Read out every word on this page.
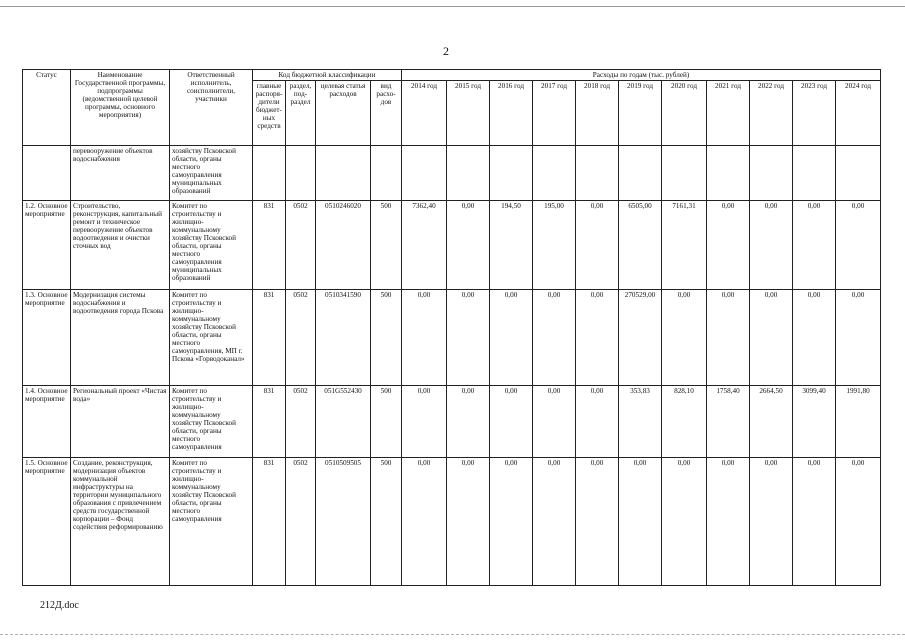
2
Статус	Наименование Государственной программы, подпрограммы (ведомственной целевой программы, основного мероприятия)	Ответственный исполнитель, соисполнители, участники	Код бюджетной классификации				Расходы по годам (тыс. рублей)										
			главные распоря-дители бюджет-ных средств	раздел, под-раздел	целевая статья расходов	вид расхо-дов	2014 год	2015 год	2016 год	2017 год	2018 год	2019 год	2020 год	2021 год	2022 год	2023 год	2024 год
	перевооружение объектов водоснабжения	хозяйству Псковской области, органы местного самоуправления муниципальных образований															
1.2. Основное мероприятие	Строительство, реконструкция, капитальный ремонт и техническое перевооружение объектов водоотведения и очистки сточных вод	Комитет по строительству и жилищно-коммунальному хозяйству Псковской области, органы местного самоуправления муниципальных образований	831	0502	0510246020	500	7362,40	0,00	194,50	195,00	0,00	6505,00	7161,31	0,00	0,00	0,00	0,00
1.3. Основное мероприятие	Модернизация системы водоснабжения и водоотведения города Пскова	Комитет по строительству и жилищно-коммунальному хозяйству Псковской области, органы местного самоуправления, МП г. Пскова «Горводоканал»	831	0502	0510341590	500	0,00	0,00	0,00	0,00	0,00	270529,00	0,00	0,00	0,00	0,00	0,00
1.4. Основное мероприятие	Региональный проект «Чистая вода»	Комитет по строительству и жилищно-коммунальному хозяйству Псковской области, органы местного самоуправления	831	0502	051G552430	500	0,00	0,00	0,00	0,00	0,00	353,83	828,10	1758,40	2664,50	3099,40	1991,80
1.5. Основное мероприятие	Создание, реконструкция, модернизация объектов коммунальной инфраструктуры на территории муниципального образования с привлечением средств государственной корпорации – Фонд содействия реформированию	Комитет по строительству и жилищно-коммунальному хозяйству Псковской области, органы местного самоуправления	831	0502	0510509505	500	0,00	0,00	0,00	0,00	0,00	0,00	0,00	0,00	0,00	0,00	0,00
212Д.doc
